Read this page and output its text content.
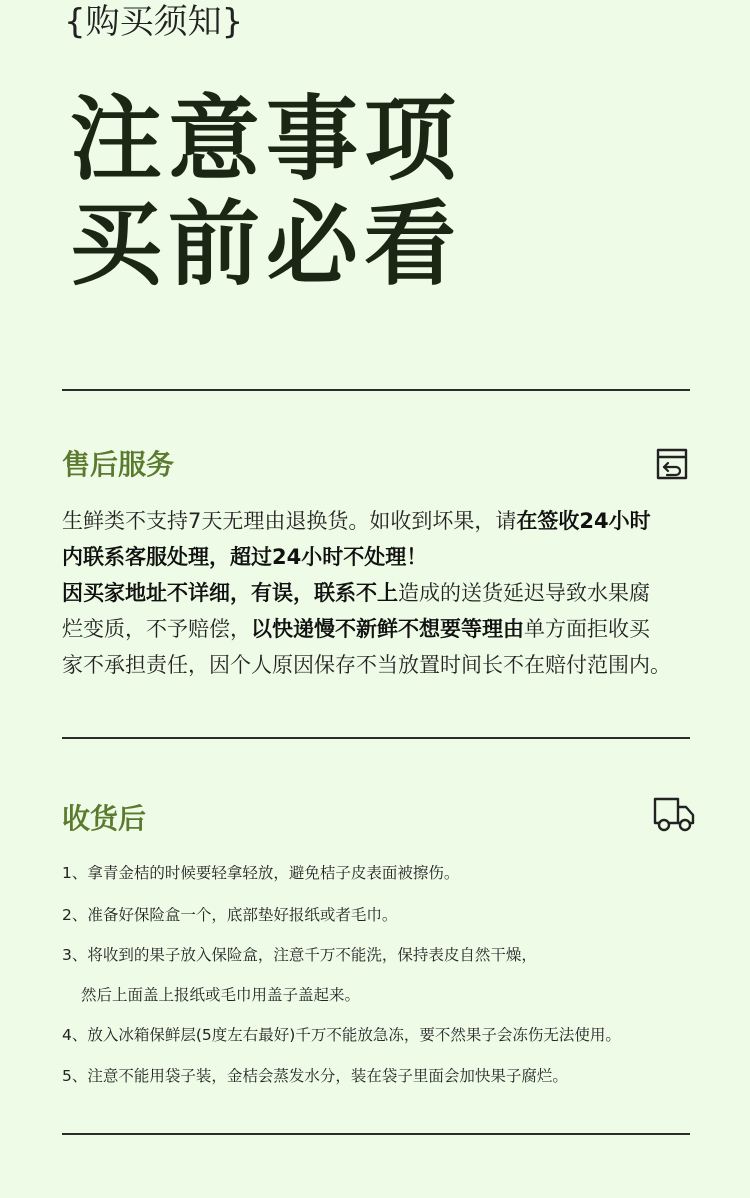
{购买须知}
注意事项
买前必看
售后服务
生鲜类不支持7天无理由退换货。如收到坏果，请在签收24小时
内联系客服处理，超过24小时不处理！
因买家地址不详细，有误，联系不上造成的送货延迟导致水果腐
烂变质，不予赔偿，以快递慢不新鲜不想要等理由单方面拒收买
家不承担责任，因个人原因保存不当放置时间长不在赔付范围内。
收货后
1、拿青金桔的时候要轻拿轻放，避免桔子皮表面被擦伤。
2、准备好保险盒一个，底部垫好报纸或者毛巾。
3、将收到的果子放入保险盒，注意千万不能洗，保持表皮自然干燥，
然后上面盖上报纸或毛巾用盖子盖起来。
4、放入冰箱保鲜层(5度左右最好)千万不能放急冻，要不然果子会冻伤无法使用。
5、注意不能用袋子装，金桔会蒸发水分，装在袋子里面会加快果子腐烂。
